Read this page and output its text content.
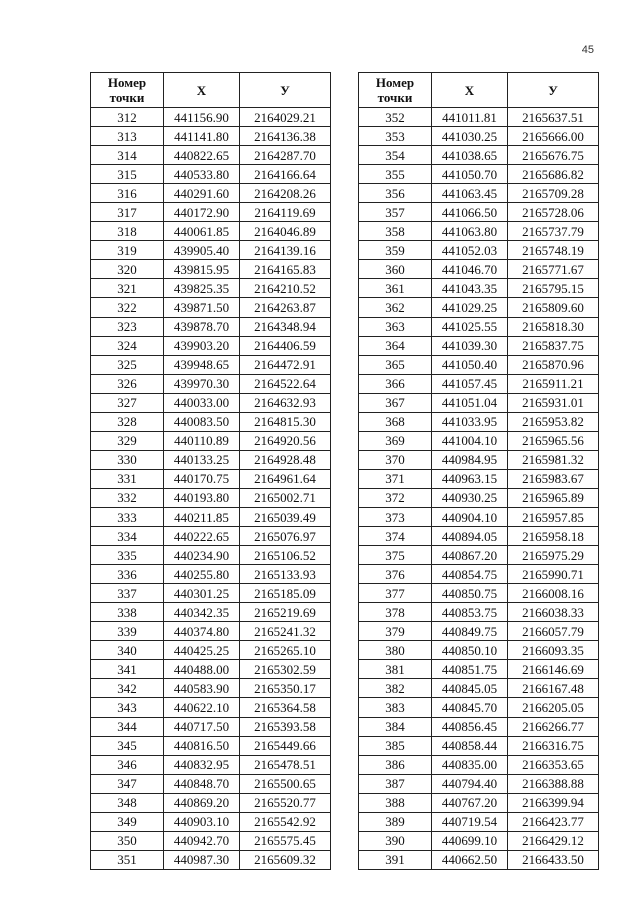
45
Номер
точки	Х	У
312	441156.90	2164029.21
313	441141.80	2164136.38
314	440822.65	2164287.70
315	440533.80	2164166.64
316	440291.60	2164208.26
317	440172.90	2164119.69
318	440061.85	2164046.89
319	439905.40	2164139.16
320	439815.95	2164165.83
321	439825.35	2164210.52
322	439871.50	2164263.87
323	439878.70	2164348.94
324	439903.20	2164406.59
325	439948.65	2164472.91
326	439970.30	2164522.64
327	440033.00	2164632.93
328	440083.50	2164815.30
329	440110.89	2164920.56
330	440133.25	2164928.48
331	440170.75	2164961.64
332	440193.80	2165002.71
333	440211.85	2165039.49
334	440222.65	2165076.97
335	440234.90	2165106.52
336	440255.80	2165133.93
337	440301.25	2165185.09
338	440342.35	2165219.69
339	440374.80	2165241.32
340	440425.25	2165265.10
341	440488.00	2165302.59
342	440583.90	2165350.17
343	440622.10	2165364.58
344	440717.50	2165393.58
345	440816.50	2165449.66
346	440832.95	2165478.51
347	440848.70	2165500.65
348	440869.20	2165520.77
349	440903.10	2165542.92
350	440942.70	2165575.45
351	440987.30	2165609.32
Номер
точки	Х	У
352	441011.81	2165637.51
353	441030.25	2165666.00
354	441038.65	2165676.75
355	441050.70	2165686.82
356	441063.45	2165709.28
357	441066.50	2165728.06
358	441063.80	2165737.79
359	441052.03	2165748.19
360	441046.70	2165771.67
361	441043.35	2165795.15
362	441029.25	2165809.60
363	441025.55	2165818.30
364	441039.30	2165837.75
365	441050.40	2165870.96
366	441057.45	2165911.21
367	441051.04	2165931.01
368	441033.95	2165953.82
369	441004.10	2165965.56
370	440984.95	2165981.32
371	440963.15	2165983.67
372	440930.25	2165965.89
373	440904.10	2165957.85
374	440894.05	2165958.18
375	440867.20	2165975.29
376	440854.75	2165990.71
377	440850.75	2166008.16
378	440853.75	2166038.33
379	440849.75	2166057.79
380	440850.10	2166093.35
381	440851.75	2166146.69
382	440845.05	2166167.48
383	440845.70	2166205.05
384	440856.45	2166266.77
385	440858.44	2166316.75
386	440835.00	2166353.65
387	440794.40	2166388.88
388	440767.20	2166399.94
389	440719.54	2166423.77
390	440699.10	2166429.12
391	440662.50	2166433.50
